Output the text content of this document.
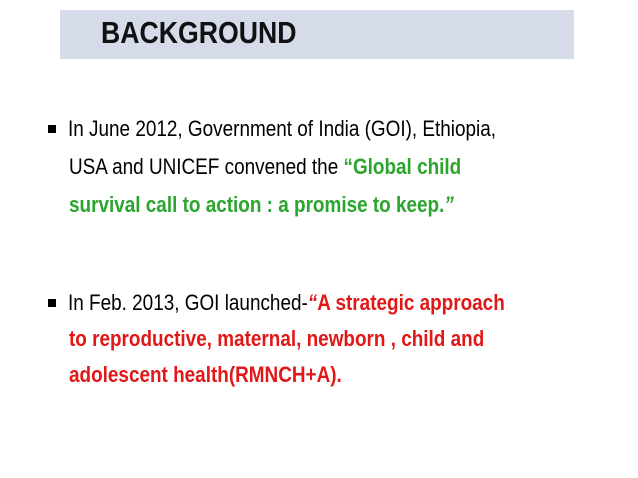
BACKGROUND
In June 2012, Government of India (GOI), Ethiopia,
USA and UNICEF convened the “Global child
survival call to action : a promise to keep.”
In Feb. 2013, GOI launched-“A strategic approach
to reproductive, maternal, newborn , child and
adolescent health(RMNCH+A).
